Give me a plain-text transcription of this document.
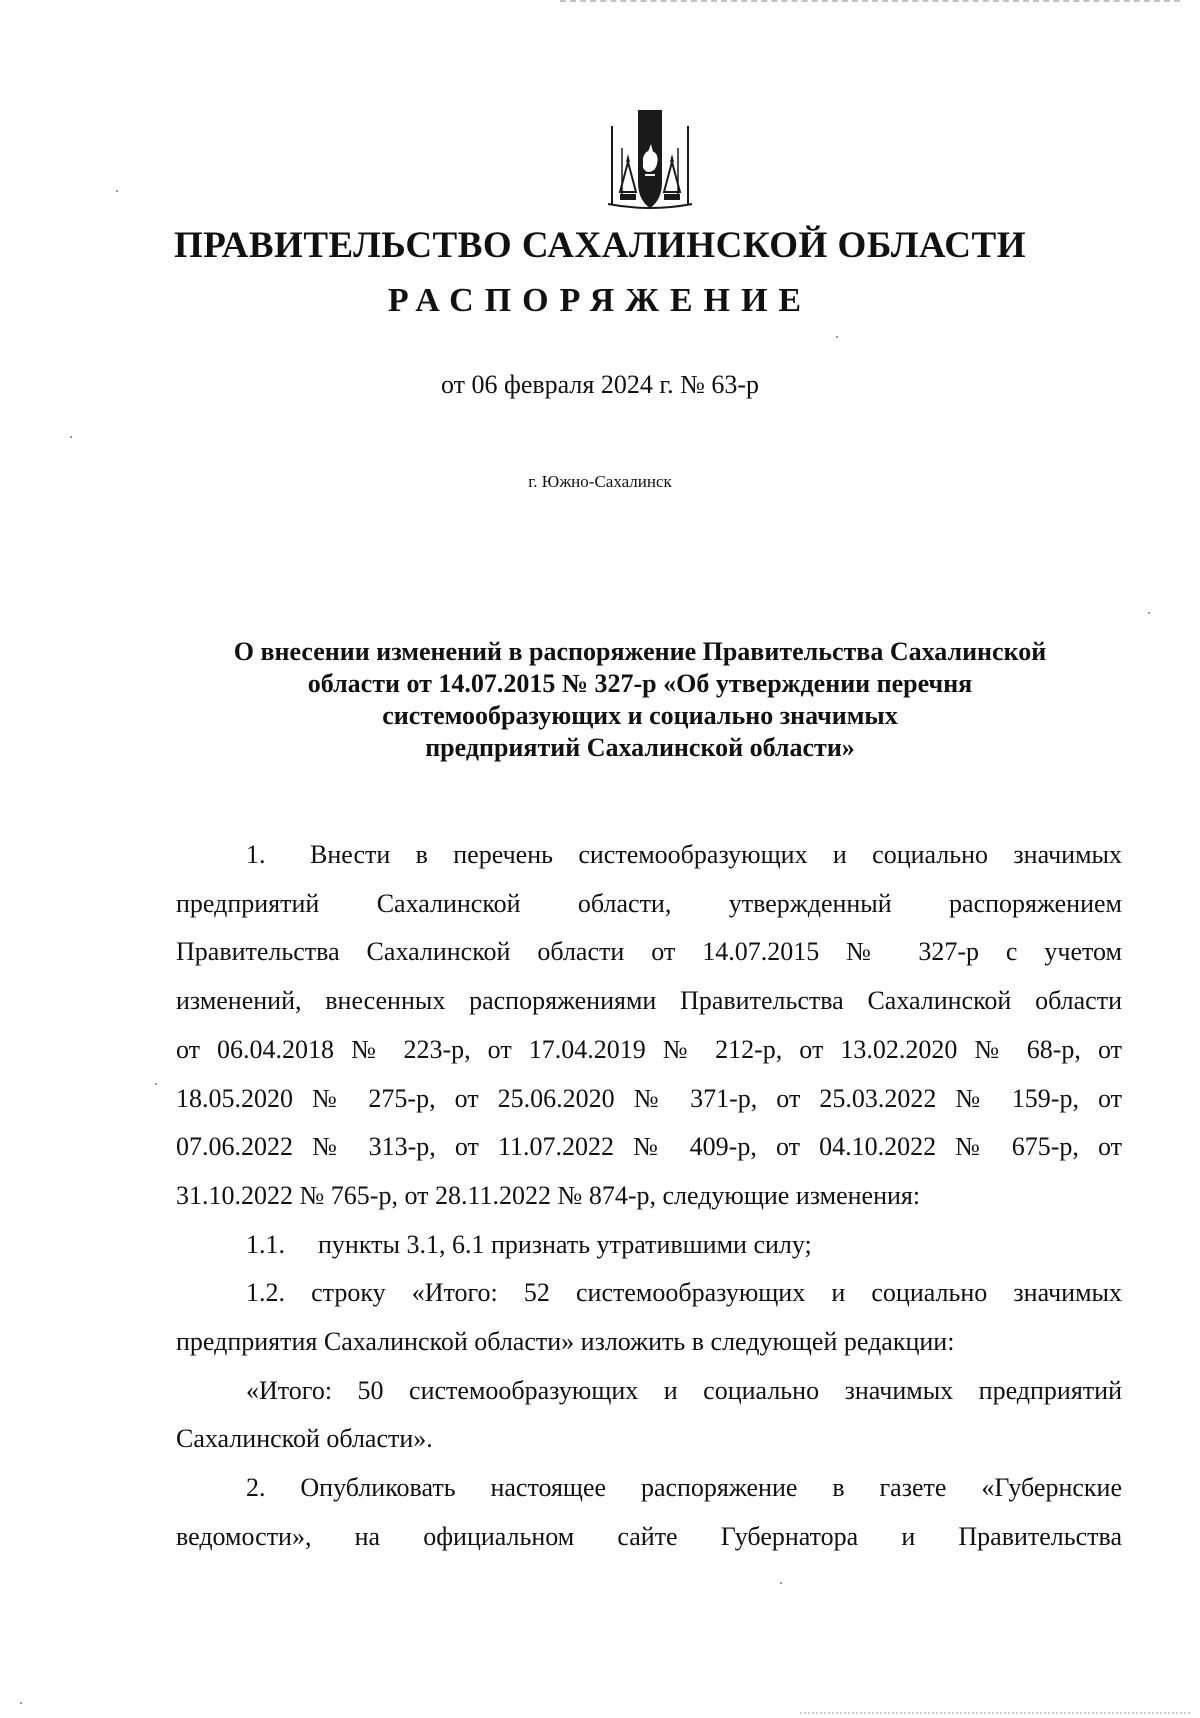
ПРАВИТЕЛЬСТВО САХАЛИНСКОЙ ОБЛАСТИ
РАСПОРЯЖЕНИЕ

от 06 февраля 2024 г. № 63-р

г. Южно-Сахалинск

О внесении изменений в распоряжение Правительства Сахалинской
области от 14.07.2015 № 327-р «Об утверждении перечня
системообразующих и социально значимых
предприятий Сахалинской области»

1. Внести в перечень системообразующих и социально значимых

предприятий Сахалинской области, утвержденный распоряжением

Правительства Сахалинской области от 14.07.2015 № 327-р с учетом

изменений, внесенных распоряжениями Правительства Сахалинской области

от 06.04.2018 № 223-р, от 17.04.2019 № 212-р, от 13.02.2020 № 68-р, от

18.05.2020 № 275-р, от 25.06.2020 № 371-р, от 25.03.2022 № 159-р, от

07.06.2022 № 313-р, от 11.07.2022 № 409-р, от 04.10.2022 № 675-р, от

31.10.2022 № 765-р, от 28.11.2022 № 874-р, следующие изменения:

1.1. пункты 3.1, 6.1 признать утратившими силу;

1.2. строку «Итого: 52 системообразующих и социально значимых

предприятия Сахалинской области» изложить в следующей редакции:

«Итого: 50 системообразующих и социально значимых предприятий

Сахалинской области».

2. Опубликовать настоящее распоряжение в газете «Губернские

ведомости», на официальном сайте Губернатора и Правительства
